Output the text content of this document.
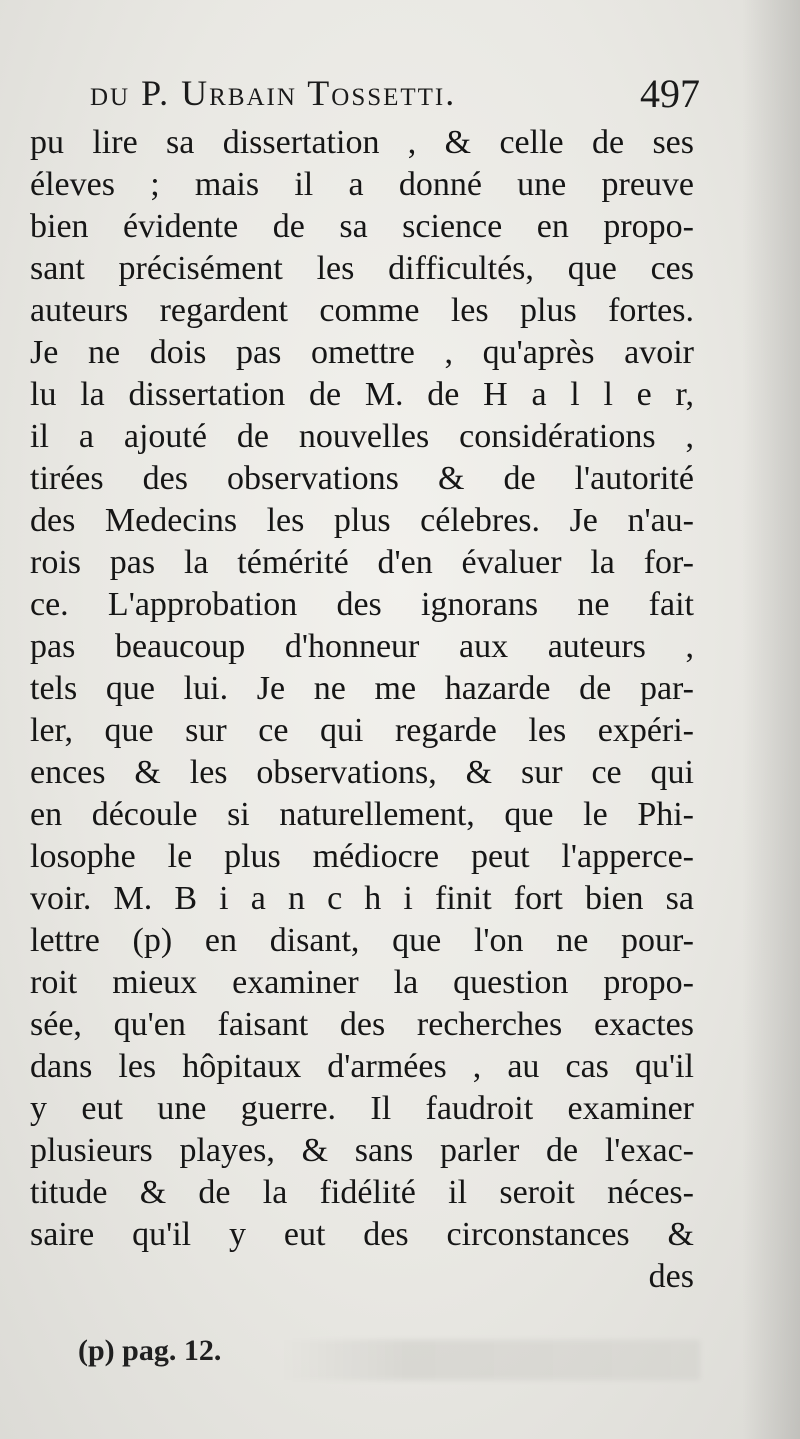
du P. Urbain Tossetti.	497
pu lire sa dissertation , & celle de ses
éleves ; mais il a donné une preuve
bien évidente de sa science en propo-
sant précisément les difficultés, que ces
auteurs regardent comme les plus fortes.
Je ne dois pas omettre , qu'après avoir
lu la dissertation de M. de H a l l e r,
il a ajouté de nouvelles considérations ,
tirées des observations & de l'autorité
des Medecins les plus célebres. Je n'au-
rois pas la témérité d'en évaluer la for-
ce. L'approbation des ignorans ne fait
pas beaucoup d'honneur aux auteurs ,
tels que lui. Je ne me hazarde de par-
ler, que sur ce qui regarde les expéri-
ences & les observations, & sur ce qui
en découle si naturellement, que le Phi-
losophe le plus médiocre peut l'apperce-
voir. M. B i a n c h i finit fort bien sa
lettre (p) en disant, que l'on ne pour-
roit mieux examiner la question propo-
sée, qu'en faisant des recherches exactes
dans les hôpitaux d'armées , au cas qu'il
y eut une guerre. Il faudroit examiner
plusieurs playes, & sans parler de l'exac-
titude & de la fidélité il seroit néces-
saire qu'il y eut des circonstances &
des
(p) pag. 12.
